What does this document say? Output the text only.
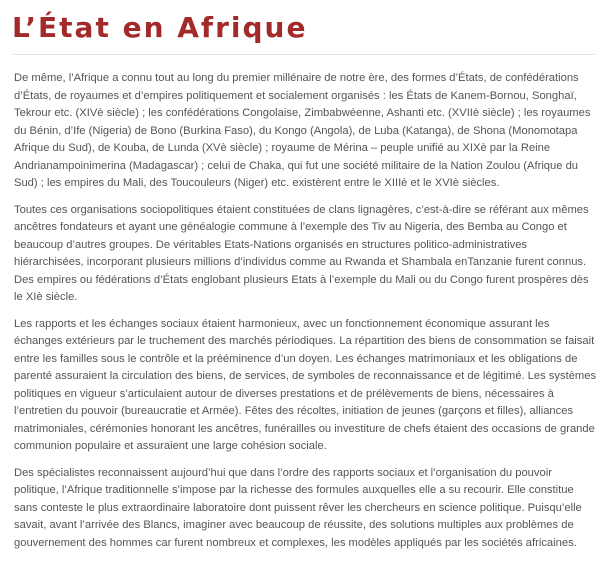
L’État en Afrique

De même, l’Afrique a connu tout au long du premier millénaire de notre ère, des formes d’États, de confédérations d’États, de royaumes et d’empires politiquement et socialement organisés : les États de Kanem-Bornou, Songhaï, Tekrour etc. (XIVè siècle) ; les confédérations Congolaise, Zimbabwéenne, Ashanti etc. (XVIIè siècle) ; les royaumes du Bénin, d’Ife (Nigeria) de Bono (Burkina Faso), du Kongo (Angola), de Luba (Katanga), de Shona (Monomotapa Afrique du Sud), de Kouba, de Lunda (XVè siècle) ; royaume de Mérina – peuple unifié au XIXè par la Reine Andrianampoinimerina (Madagascar) ; celui de Chaka, qui fut une société militaire de la Nation Zoulou (Afrique du Sud) ; les empires du Mali, des Toucouleurs (Niger) etc. existèrent entre le XIIIè et le XVIè siècles.

Toutes ces organisations sociopolitiques étaient constituées de clans lignagères, c’est-à-dire se référant aux mêmes ancêtres fondateurs et ayant une généalogie commune à l’exemple des Tiv au Nigeria, des Bemba au Congo et beaucoup d’autres groupes. De véritables Etats-Nations organisés en structures politico-administratives hiérarchisées, incorporant plusieurs millions d’individus comme au Rwanda et Shambala enTanzanie furent connus. Des empires ou fédérations d’États englobant plusieurs Etats à l’exemple du Mali ou du Congo furent prospères dès le XIè siècle.

Les rapports et les échanges sociaux étaient harmonieux, avec un fonctionnement économique assurant les échanges extérieurs par le truchement des marchés périodiques. La répartition des biens de consommation se faisait entre les familles sous le contrôle et la prééminence d’un doyen. Les échanges matrimoniaux et les obligations de parenté assuraient la circulation des biens, de services, de symboles de reconnaissance et de légitimé. Les systèmes politiques en vigueur s’articulaient autour de diverses prestations et de prélèvements de biens, nécessaires à l’entretien du pouvoir (bureaucratie et Armée). Fêtes des récoltes, initiation de jeunes (garçons et filles), alliances matrimoniales, cérémonies honorant les ancêtres, funérailles ou investiture de chefs étaient des occasions de grande communion populaire et assuraient une large cohésion sociale.

Des spécialistes reconnaissent aujourd’hui que dans l’ordre des rapports sociaux et l’organisation du pouvoir politique, l’Afrique traditionnelle s’impose par la richesse des formules auxquelles elle a su recourir. Elle constitue sans conteste le plus extraordinaire laboratoire dont puissent rêver les chercheurs en science politique. Puisqu’elle savait, avant l’arrivée des Blancs, imaginer avec beaucoup de réussite, des solutions multiples aux problèmes de gouvernement des hommes car furent nombreux et complexes, les modèles appliqués par les sociétés africaines.
